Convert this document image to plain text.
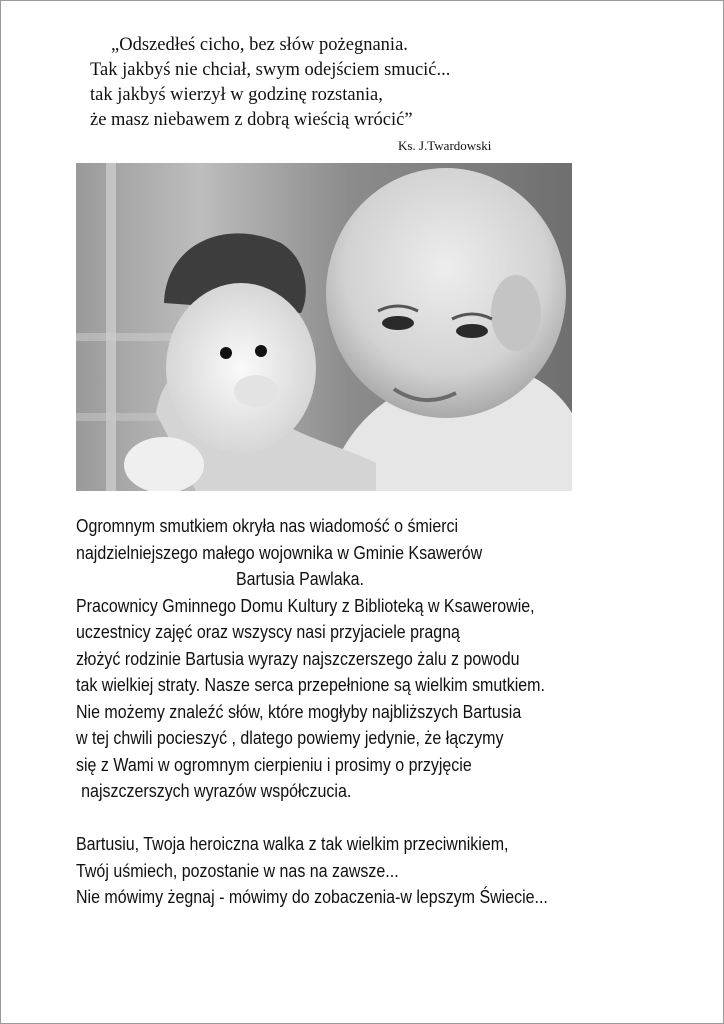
„Odszedłeś cicho, bez słów pożegnania.
Tak jakbyś nie chciał, swym odejściem smucić...
tak jakbyś wierzył w godzinę rozstania,
że masz niebawem z dobrą wieścią wrócić”
Ks. J.Twardowski
Ogromnym smutkiem okryła nas wiadomość o śmierci
najdzielniejszego małego wojownika w Gminie Ksawerów
Bartusia Pawlaka.
Pracownicy Gminnego Domu Kultury z Biblioteką w Ksawerowie,
uczestnicy zajęć oraz wszyscy nasi przyjaciele pragną
złożyć rodzinie Bartusia wyrazy najszczerszego żalu z powodu
tak wielkiej straty. Nasze serca przepełnione są wielkim smutkiem.
Nie możemy znaleźć słów, które mogłyby najbliższych Bartusia
w tej chwili pocieszyć , dlatego powiemy jedynie, że łączymy
się z Wami w ogromnym cierpieniu i prosimy o przyjęcie
najszczerszych wyrazów współczucia.
Bartusiu, Twoja heroiczna walka z tak wielkim przeciwnikiem,
Twój uśmiech, pozostanie w nas na zawsze...
Nie mówimy żegnaj - mówimy do zobaczenia-w lepszym Świecie...
